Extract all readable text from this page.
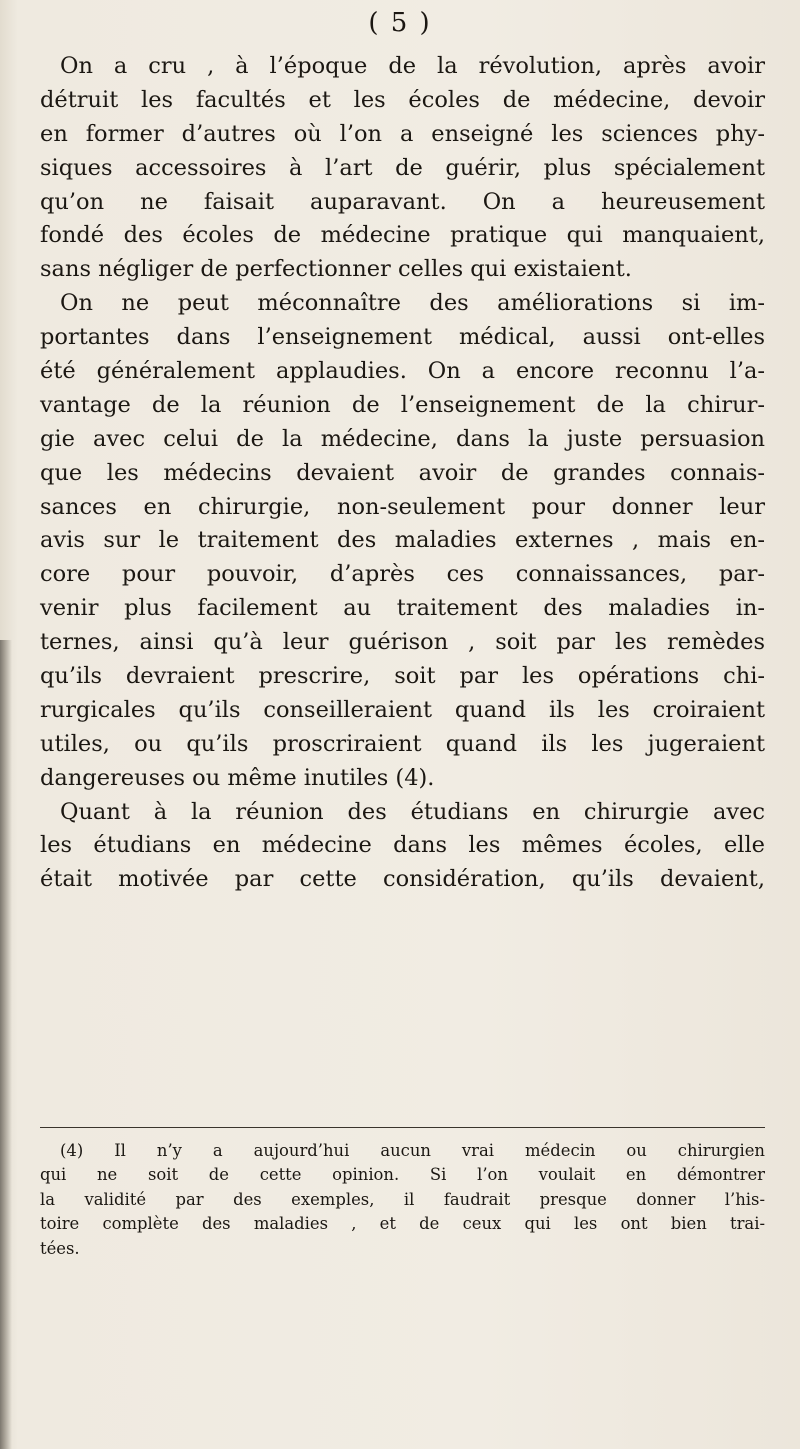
( 5 )
On a cru , à l’époque de la révolution, après avoir
détruit les facultés et les écoles de médecine, devoir
en former d’autres où l’on a enseigné les sciences phy-
siques accessoires à l’art de guérir, plus spécialement
qu’on ne faisait auparavant. On a heureusement
fondé des écoles de médecine pratique qui manquaient,
sans négliger de perfectionner celles qui existaient.
On ne peut méconnaître des améliorations si im-
portantes dans l’enseignement médical, aussi ont-elles
été généralement applaudies. On a encore reconnu l’a-
vantage de la réunion de l’enseignement de la chirur-
gie avec celui de la médecine, dans la juste persuasion
que les médecins devaient avoir de grandes connais-
sances en chirurgie, non-seulement pour donner leur
avis sur le traitement des maladies externes , mais en-
core pour pouvoir, d’après ces connaissances, par-
venir plus facilement au traitement des maladies in-
ternes, ainsi qu’à leur guérison , soit par les remèdes
qu’ils devraient prescrire, soit par les opérations chi-
rurgicales qu’ils conseilleraient quand ils les croiraient
utiles, ou qu’ils proscriraient quand ils les jugeraient
dangereuses ou même inutiles (4).
Quant à la réunion des étudians en chirurgie avec
les étudians en médecine dans les mêmes écoles, elle
était motivée par cette considération, qu’ils devaient,
(4) Il n’y a aujourd’hui aucun vrai médecin ou chirurgien
qui ne soit de cette opinion. Si l’on voulait en démontrer
la validité par des exemples, il faudrait presque donner l’his-
toire complète des maladies , et de ceux qui les ont bien trai-
tées.
